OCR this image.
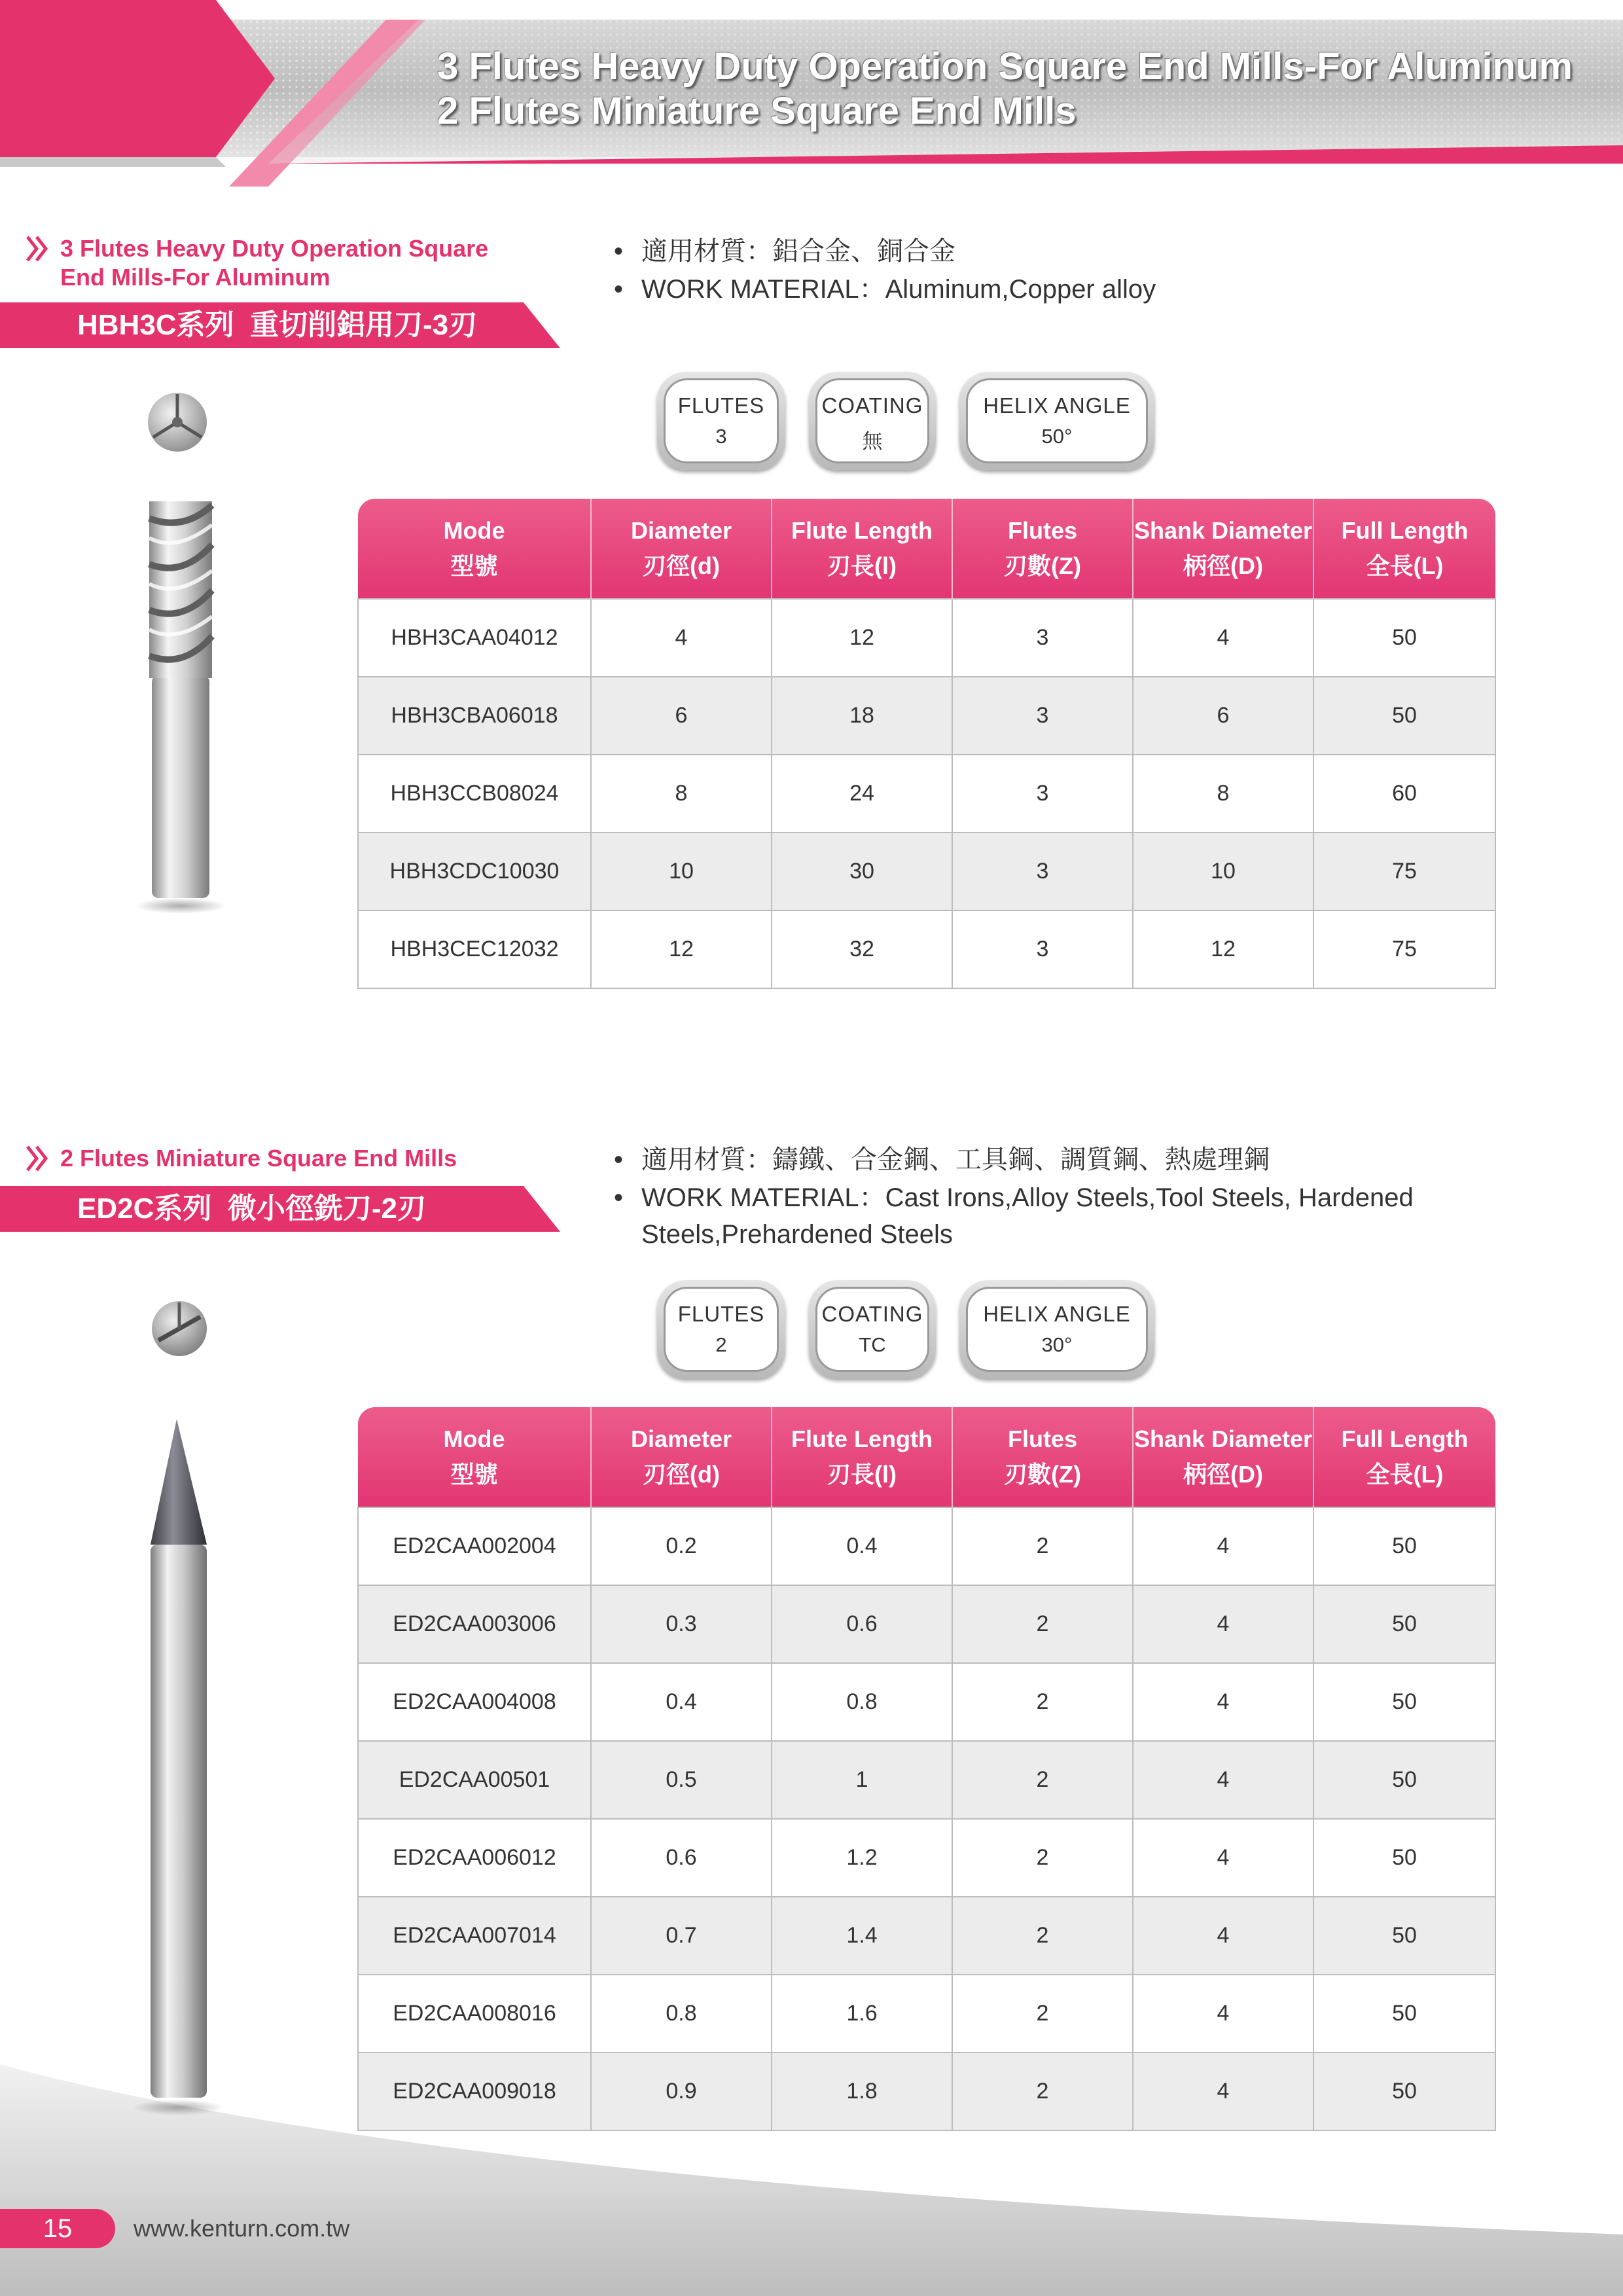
3 Flutes Heavy Duty Operation Square End Mills-For Aluminum
2 Flutes Miniature Square End Mills
3 Flutes Heavy Duty Operation Square
End Mills-For Aluminum
HBH3C系列 重切削鋁用刀-3刃
• 適用材質：鋁合金、銅合金
• WORK MATERIAL：Aluminum,Copper alloy
FLUTES
3
COATING
無
HELIX ANGLE
50°
Mode
型號	Diameter
刃徑(d)	Flute Length
刃長(l)	Flutes
刃數(Z)	Shank Diameter
柄徑(D)	Full Length
全長(L)

HBH3CAA04012	4	12	3	4	50
HBH3CBA06018	6	18	3	6	50
HBH3CCB08024	8	24	3	8	60
HBH3CDC10030	10	30	3	10	75
HBH3CEC12032	12	32	3	12	75
2 Flutes Miniature Square End Mills
ED2C系列 微小徑銑刀-2刃
• 適用材質：鑄鐵、合金鋼、工具鋼、調質鋼、熱處理鋼
• WORK MATERIAL：Cast Irons,Alloy Steels,Tool Steels, Hardened
Steels,Prehardened Steels
FLUTES
2
COATING
TC
HELIX ANGLE
30°
Mode
型號	Diameter
刃徑(d)	Flute Length
刃長(l)	Flutes
刃數(Z)	Shank Diameter
柄徑(D)	Full Length
全長(L)

ED2CAA002004	0.2	0.4	2	4	50
ED2CAA003006	0.3	0.6	2	4	50
ED2CAA004008	0.4	0.8	2	4	50
ED2CAA00501	0.5	1	2	4	50
ED2CAA006012	0.6	1.2	2	4	50
ED2CAA007014	0.7	1.4	2	4	50
ED2CAA008016	0.8	1.6	2	4	50
ED2CAA009018	0.9	1.8	2	4	50
15	www.kenturn.com.tw
